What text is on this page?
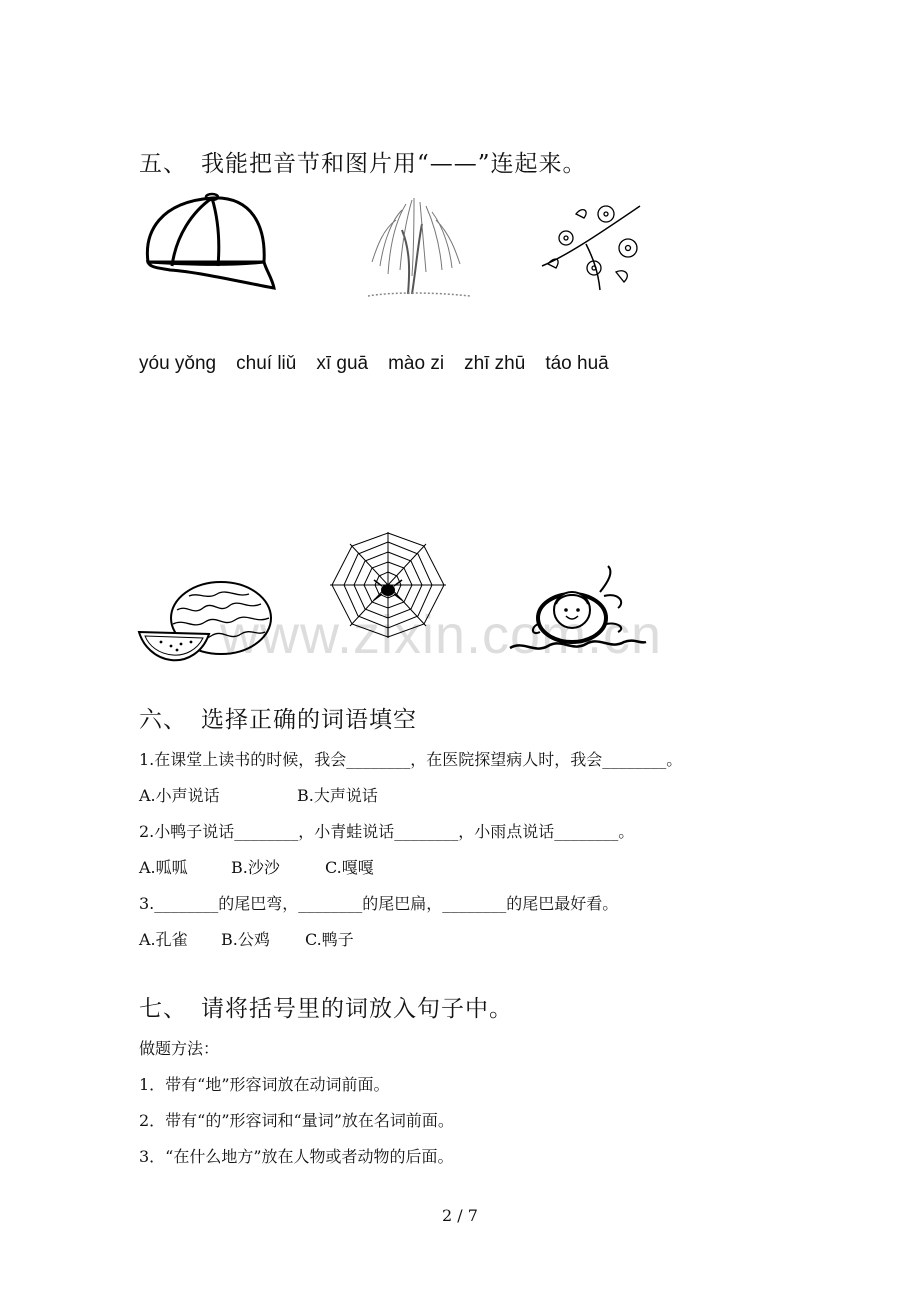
五、 我能把音节和图片用“——”连起来。
yóu yǒng chuí liǔ xī guā mào zi zhī zhū táo huā
www.zixin.com.cn
六、 选择正确的词语填空
1.在课堂上读书的时候，我会________，在医院探望病人时，我会________。
A.小声说话	B.大声说话
2.小鸭子说话________，小青蛙说话________，小雨点说话________。
A.呱呱	B.沙沙	C.嘎嘎
3.________的尾巴弯，________的尾巴扁，________的尾巴最好看。
A.孔雀 B.公鸡 C.鸭子
七、 请将括号里的词放入句子中。
做题方法：
1．带有“地”形容词放在动词前面。
2．带有“的”形容词和“量词”放在名词前面。
3．“在什么地方”放在人物或者动物的后面。
2 / 7
